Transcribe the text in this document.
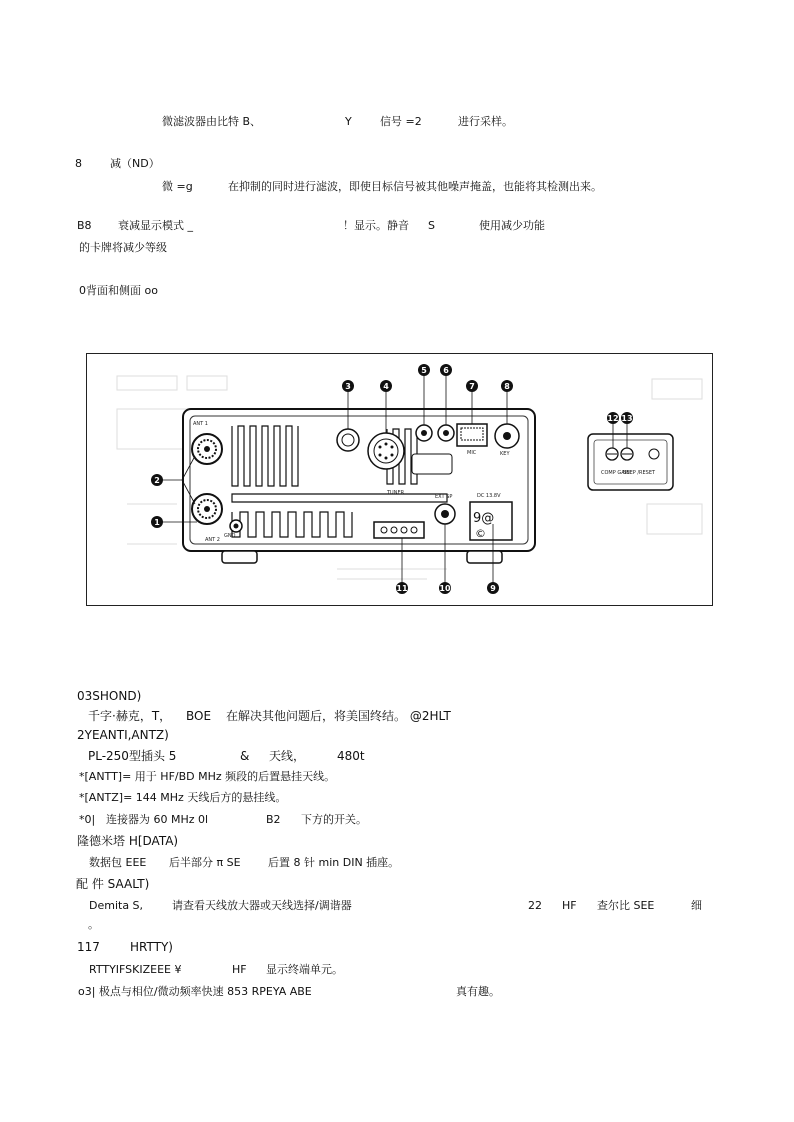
微滤波器由比特 B、	Y	信号 =2	进行采样。
8	减（ND）
微 =g	在抑制的同时进行滤波，即使目标信号被其他噪声掩盖，也能将其检测出来。
B8 衰减显示模式 _	！显示。静音 S	使用减少功能
的卡牌将减少等级
0背面和侧面 oo
ANT 1
ANT 2
GND
MIC	KEY
TUNER
EXT SP	DC 13.8V
9@
©
COMP GAIN
BEEP /RESET
1
2
3	4
5 6
7	8
9
10
11
12 13
03SHOND)
千字·赫克，T， BOE 在解决其他问题后，将美国终结。 @2HLT
2YEANTI,ANTZ)
PL-250型插头 5	& 天线，	480t
*[ANTT]= 用于 HF/BD MHz 频段的后置悬挂天线。
*[ANTZ]= 144 MHz 天线后方的悬挂线。
*0| 连接器为 60 MHz 0l	B2 下方的开关。
隆德米塔 H[DATA)
数据包 EEE 后半部分 π SE 后置 8 针 min DIN 插座。
配 件 SAALT)
Demita S,	请查看天线放大器或天线选择/调谐器	22 HF 查尔比 SEE	细
。
117	HRTTY)
RTTYIFSKIZEEE ¥	HF 显示终端单元。
o3| 极点与相位/微动频率快速 853 RPEYA ABE	真有趣。
